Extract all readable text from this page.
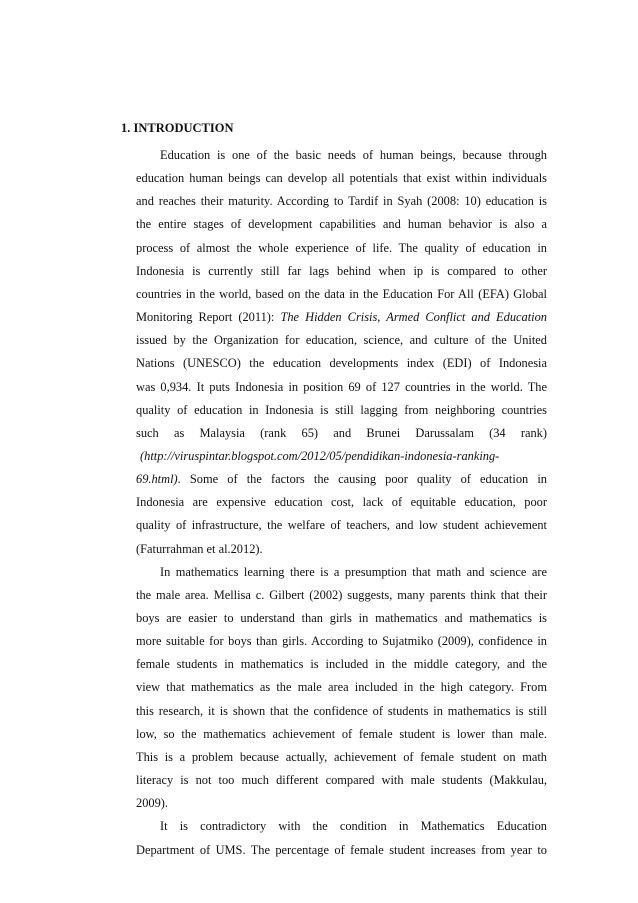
1. INTRODUCTION
Education is one of the basic needs of human beings, because through
education human beings can develop all potentials that exist within individuals
and reaches their maturity. According to Tardif in Syah (2008: 10) education is
the entire stages of development capabilities and human behavior is also a
process of almost the whole experience of life. The quality of education in
Indonesia is currently still far lags behind when ip is compared to other
countries in the world, based on the data in the Education For All (EFA) Global
Monitoring Report (2011): The Hidden Crisis, Armed Conflict and Education
issued by the Organization for education, science, and culture of the United
Nations (UNESCO) the education developments index (EDI) of Indonesia
was 0,934. It puts Indonesia in position 69 of 127 countries in the world. The
quality of education in Indonesia is still lagging from neighboring countries
such as Malaysia (rank 65) and Brunei Darussalam (34 rank)
(http://viruspintar.blogspot.com/2012/05/pendidikan-indonesia-ranking-
69.html). Some of the factors the causing poor quality of education in
Indonesia are expensive education cost, lack of equitable education, poor
quality of infrastructure, the welfare of teachers, and low student achievement
(Faturrahman et al.2012).
In mathematics learning there is a presumption that math and science are
the male area. Mellisa c. Gilbert (2002) suggests, many parents think that their
boys are easier to understand than girls in mathematics and mathematics is
more suitable for boys than girls. According to Sujatmiko (2009), confidence in
female students in mathematics is included in the middle category, and the
view that mathematics as the male area included in the high category. From
this research, it is shown that the confidence of students in mathematics is still
low, so the mathematics achievement of female student is lower than male.
This is a problem because actually, achievement of female student on math
literacy is not too much different compared with male students (Makkulau,
2009).
It is contradictory with the condition in Mathematics Education
Department of UMS. The percentage of female student increases from year to
